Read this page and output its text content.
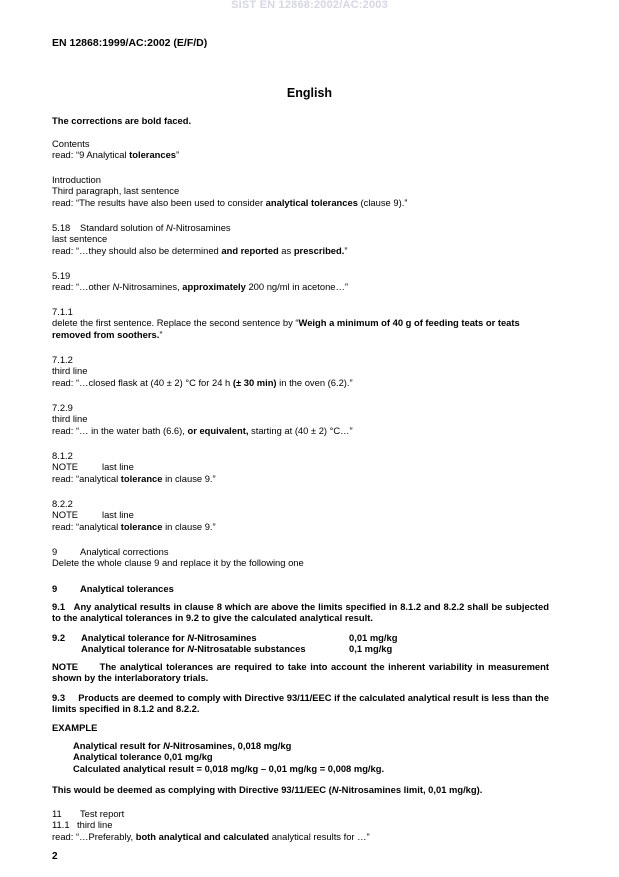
SIST EN 12868:2002/AC:2003
EN 12868:1999/AC:2002 (E/F/D)
English
The corrections are bold faced.
Contents
read: “9 Analytical tolerances”
Introduction
Third paragraph, last sentence
read: “The results have also been used to consider analytical tolerances (clause 9).”
5.18 Standard solution of N-Nitrosamines
last sentence
read: “…they should also be determined and reported as prescribed.”
5.19
read: “…other N-Nitrosamines, approximately 200 ng/ml in acetone…”
7.1.1
delete the first sentence. Replace the second sentence by “Weigh a minimum of 40 g of feeding teats or teats removed from soothers.”
7.1.2
third line
read: “…closed flask at (40 ± 2) °C for 24 h (± 30 min) in the oven (6.2).”
7.2.9
third line
read: “… in the water bath (6.6), or equivalent, starting at (40 ± 2) °C…”
8.1.2
NOTE	last line
read: “analytical tolerance in clause 9.”
8.2.2
NOTE	last line
read: “analytical tolerance in clause 9.”
9 Analytical corrections
Delete the whole clause 9 and replace it by the following one
9 Analytical tolerances
9.1 Any analytical results in clause 8 which are above the limits specified in 8.1.2 and 8.2.2 shall be subjected to the analytical tolerances in 9.2 to give the calculated analytical result.
9.2	Analytical tolerance for N-Nitrosamines	0,01 mg/kg
Analytical tolerance for N-Nitrosatable substances	0,1 mg/kg
NOTE The analytical tolerances are required to take into account the inherent variability in measurement shown by the interlaboratory trials.
9.3 Products are deemed to comply with Directive 93/11/EEC if the calculated analytical result is less than the limits specified in 8.1.2 and 8.2.2.
EXAMPLE
Analytical result for N-Nitrosamines, 0,018 mg/kg
Analytical tolerance 0,01 mg/kg
Calculated analytical result = 0,018 mg/kg – 0,01 mg/kg = 0,008 mg/kg.
This would be deemed as complying with Directive 93/11/EEC (N-Nitrosamines limit, 0,01 mg/kg).
11 Test report
11.1 third line
read: “…Preferably, both analytical and calculated analytical results for …”
2
